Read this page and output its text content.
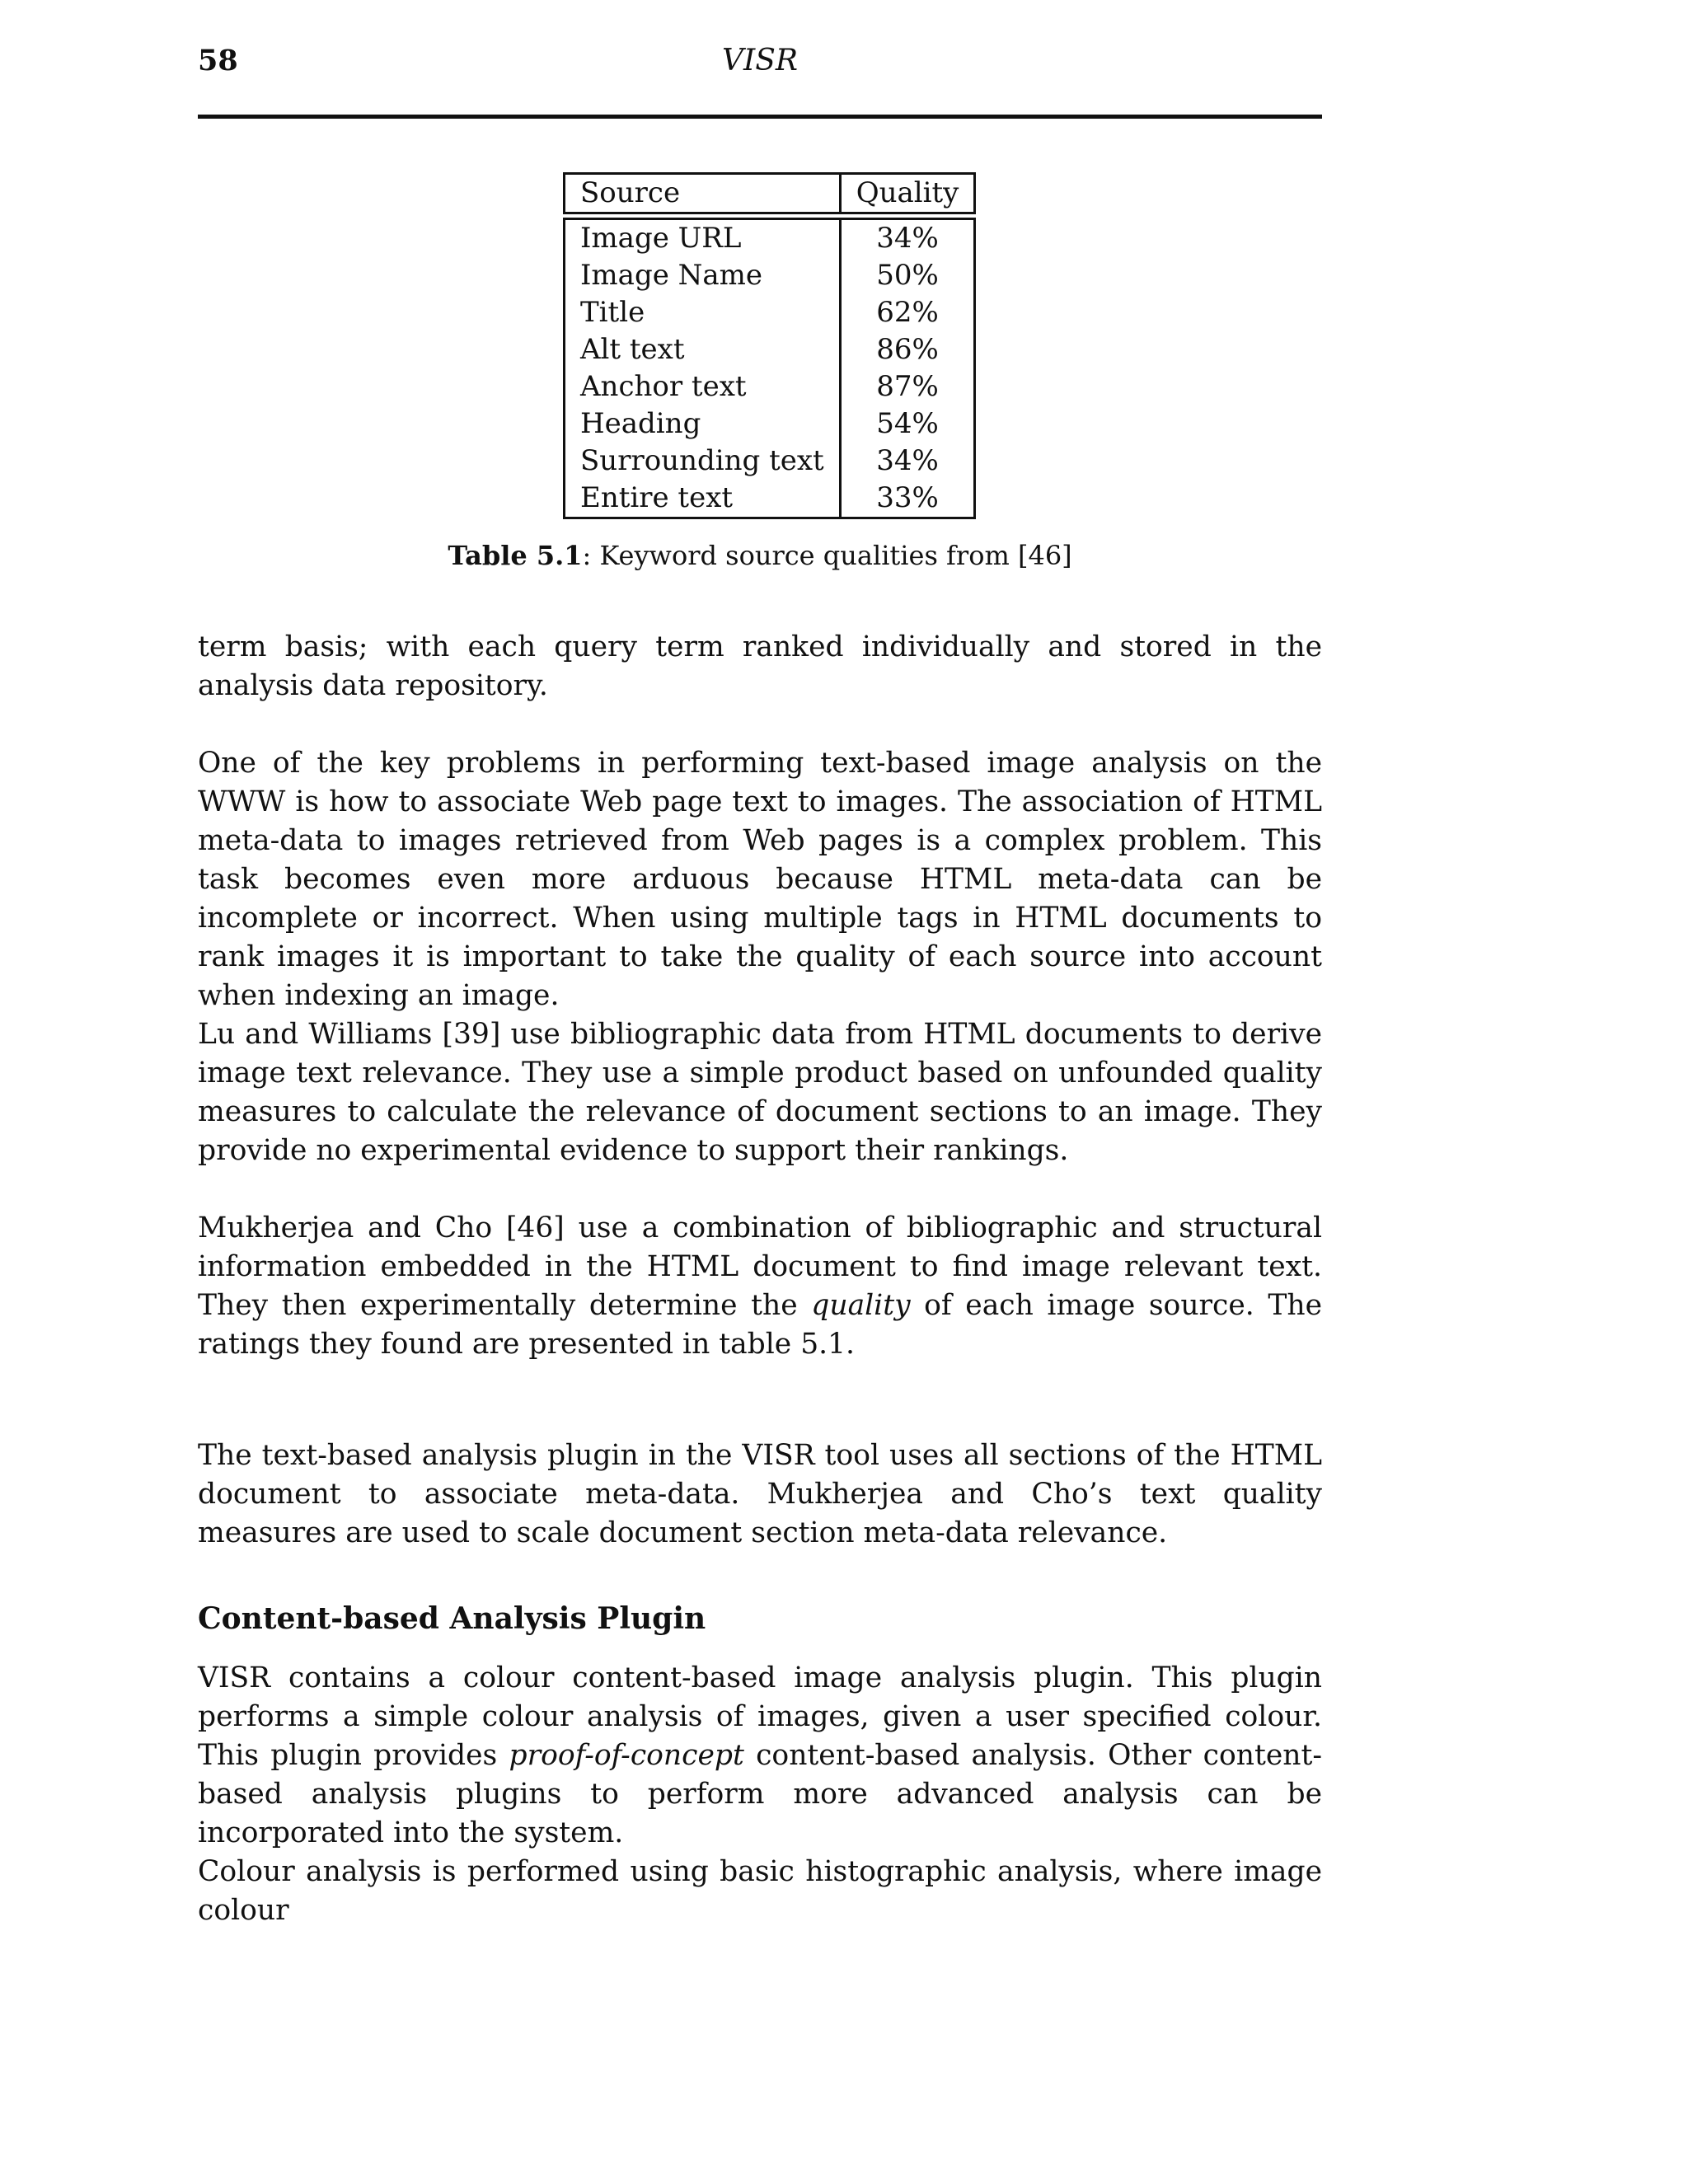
58	VISR
Source	Quality

Image URL	34%
Image Name	50%
Title	62%
Alt text	86%
Anchor text	87%
Heading	54%
Surrounding text	34%
Entire text	33%
Table 5.1: Keyword source qualities from [46]

term basis; with each query term ranked individually and stored in the analysis data repository.

One of the key problems in performing text-based image analysis on the WWW is how to associate Web page text to images. The association of HTML meta-data to images retrieved from Web pages is a complex problem. This task becomes even more arduous because HTML meta-data can be incomplete or incorrect. When using multiple tags in HTML documents to rank images it is important to take the quality of each source into account when indexing an image.

Lu and Williams [39] use bibliographic data from HTML documents to derive image text relevance. They use a simple product based on unfounded quality measures to calculate the relevance of document sections to an image. They provide no experimental evidence to support their rankings.

Mukherjea and Cho [46] use a combination of bibliographic and structural information embedded in the HTML document to find image relevant text. They then experimentally determine the quality of each image source. The ratings they found are presented in table 5.1.

The text-based analysis plugin in the VISR tool uses all sections of the HTML document to associate meta-data. Mukherjea and Cho’s text quality measures are used to scale document section meta-data relevance.

Content-based Analysis Plugin

VISR contains a colour content-based image analysis plugin. This plugin performs a simple colour analysis of images, given a user specified colour. This plugin provides proof-of-concept content-based analysis. Other content-based analysis plugins to perform more advanced analysis can be incorporated into the system.

Colour analysis is performed using basic histographic analysis, where image colour
